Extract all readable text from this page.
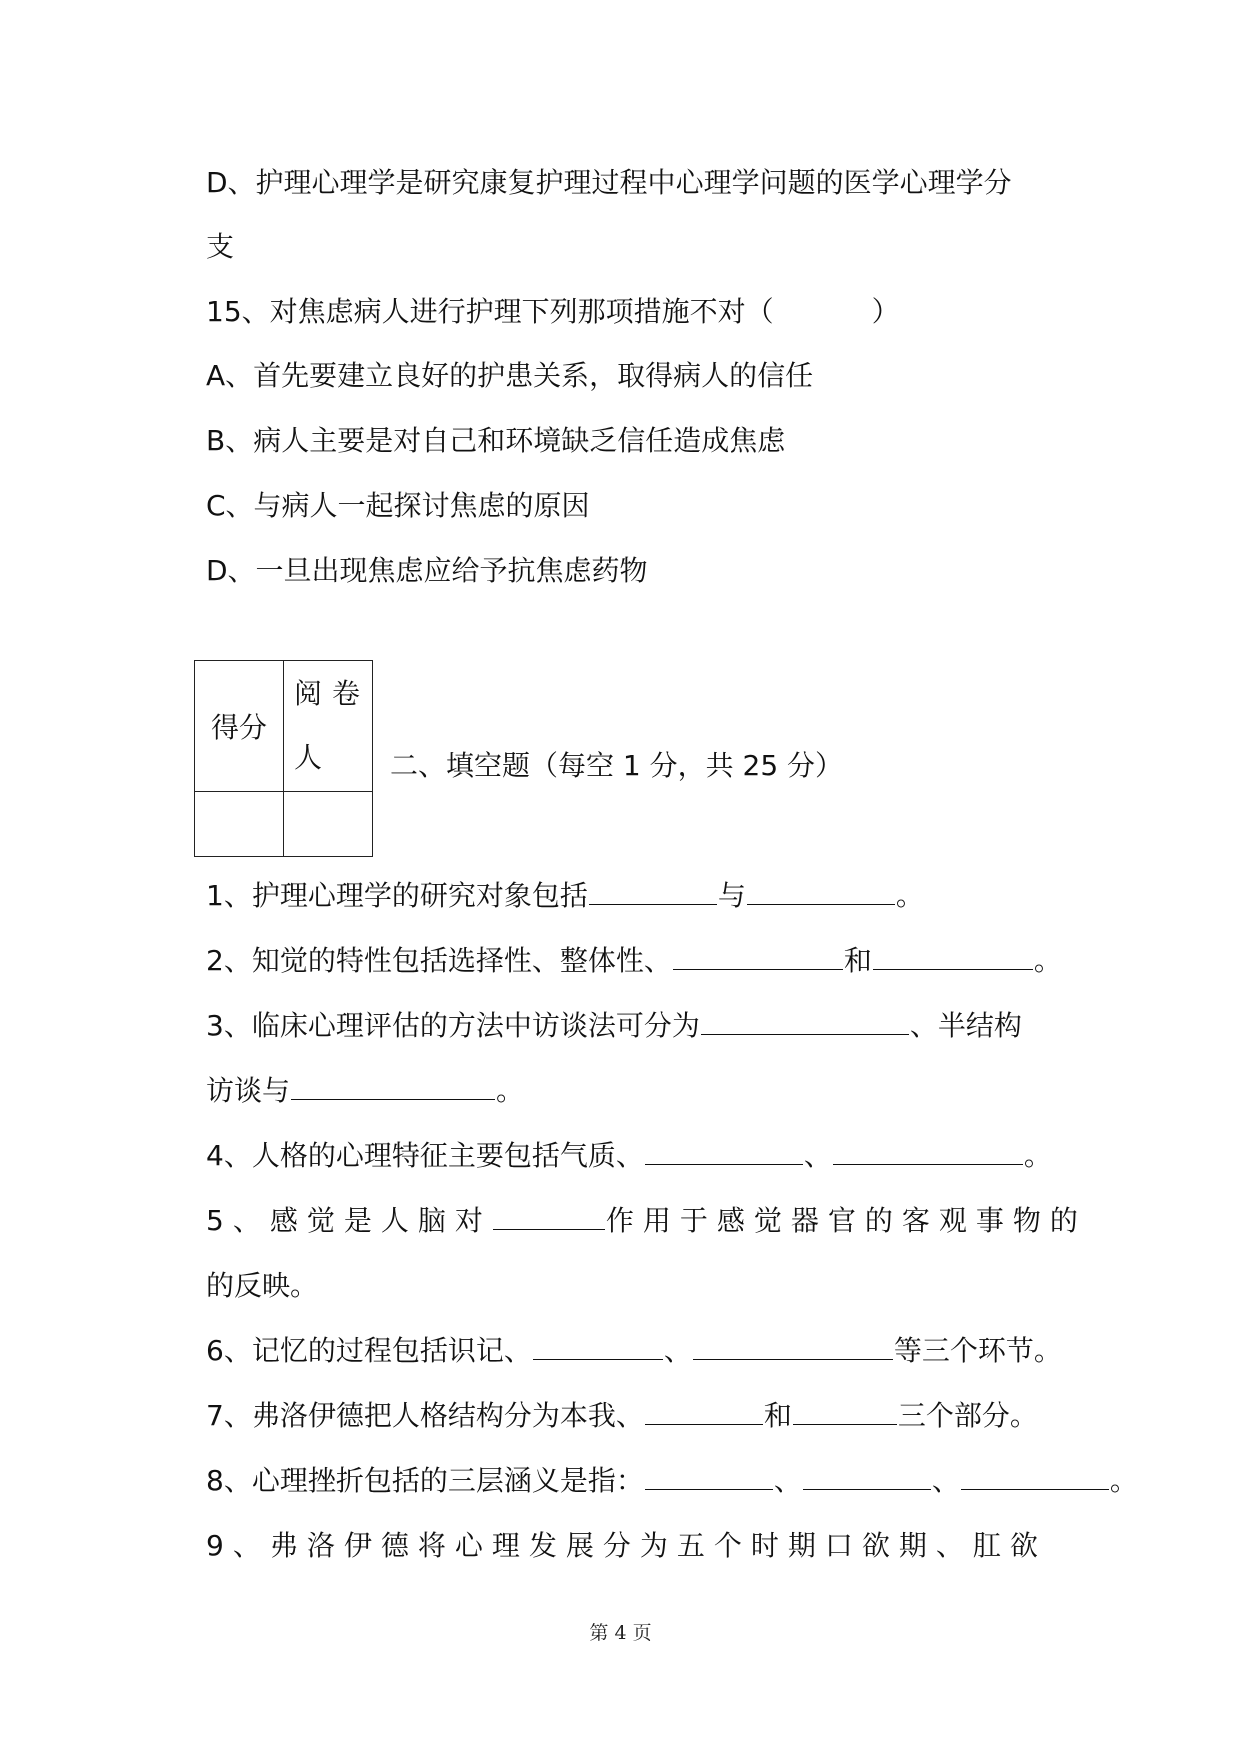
D、护理心理学是研究康复护理过程中心理学问题的医学心理学分
支
15、对焦虑病人进行护理下列那项措施不对（	）
A、首先要建立良好的护患关系，取得病人的信任
B、病人主要是对自己和环境缺乏信任造成焦虑
C、与病人一起探讨焦虑的原因
D、一旦出现焦虑应给予抗焦虑药物
得分	阅卷
人

		二、填空题（每空 1 分，共 25 分）
1、护理心理学的研究对象包括	与	。
2、知觉的特性包括选择性、整体性、	和	。
3、临床心理评估的方法中访谈法可分为	、半结构
访谈与	。
4、人格的心理特征主要包括气质、	、	。
5、感觉是人脑对	作用于感觉器官的客观事物的
的反映。
6、记忆的过程包括识记、	、	等三个环节。
7、弗洛伊德把人格结构分为本我、	和	三个部分。
8、心理挫折包括的三层涵义是指：	、	、	。
9、弗洛伊德将心理发展分为五个时期口欲期、肛欲
第 4 页
